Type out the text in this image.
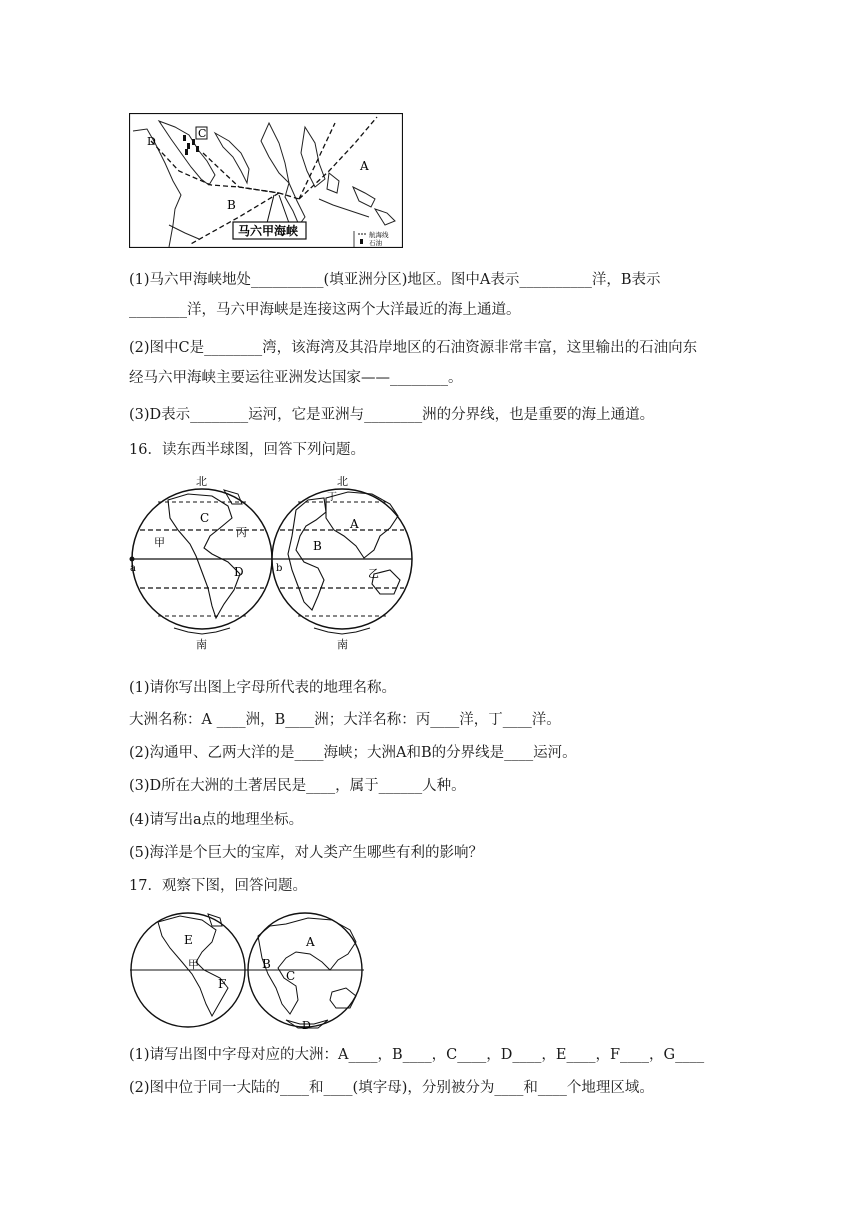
C
D
A
B
马六甲海峡	航海线
石油
(1)马六甲海峡地处__________(填亚洲分区)地区。图中A表示__________洋，B表示
________洋，马六甲海峡是连接这两个大洋最近的海上通道。
(2)图中C是________湾，该海湾及其沿岸地区的石油资源非常丰富，这里输出的石油向东
经马六甲海峡主要运往亚洲发达国家——________。
(3)D表示________运河，它是亚洲与________洲的分界线，也是重要的海上通道。
16．读东西半球图，回答下列问题。
北	北
南	南
C
丙
甲
D
a	b
丁
A
B
乙
(1)请你写出图上字母所代表的地理名称。
大洲名称：A ____洲，B____洲；大洋名称：丙____洋，丁____洋。
(2)沟通甲、乙两大洋的是____海峡；大洲A和B的分界线是____运河。
(3)D所在大洲的土著居民是____，属于______人种。
(4)请写出a点的地理坐标。
(5)海洋是个巨大的宝库，对人类产生哪些有利的影响？
17．观察下图，回答问题。
E
甲
F
A
B
C
D
(1)请写出图中字母对应的大洲：A____，B____，C____，D____，E____，F____，G____
(2)图中位于同一大陆的____和____(填字母)，分别被分为____和____个地理区域。
